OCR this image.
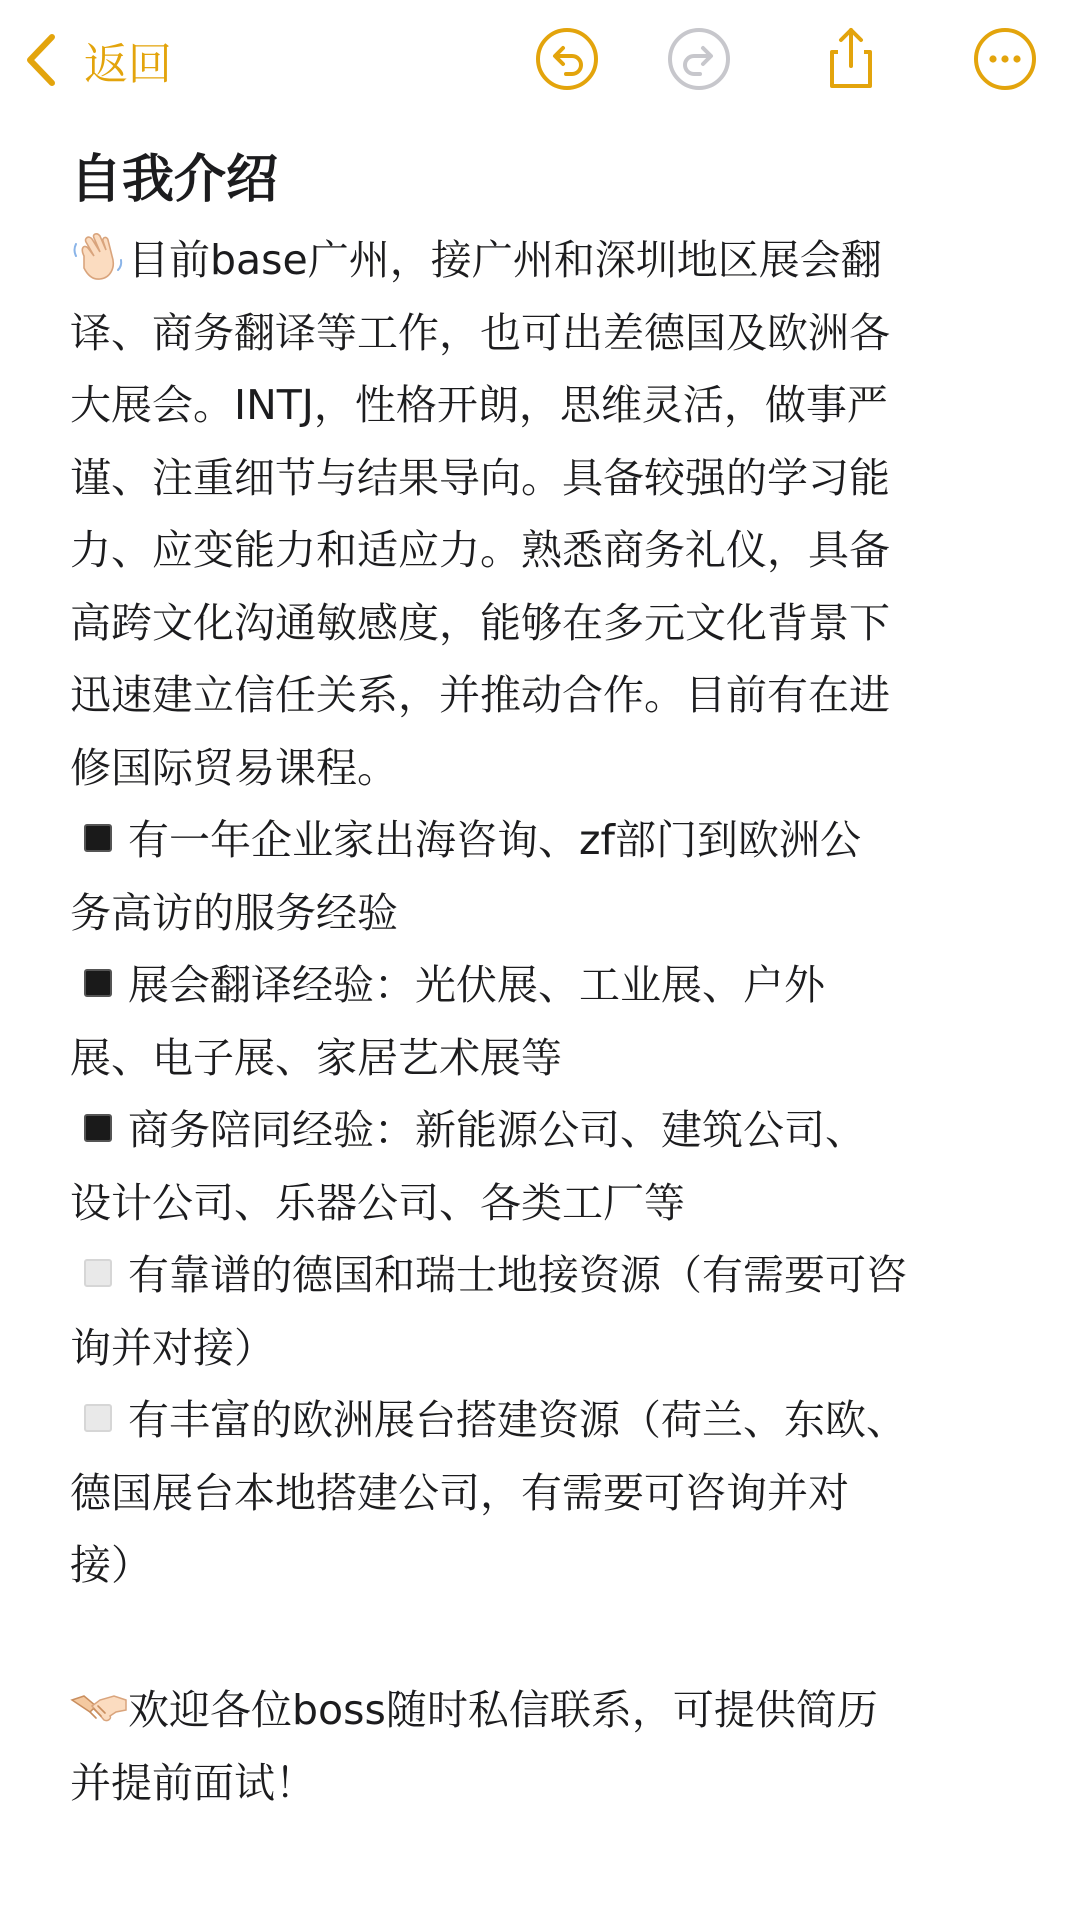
返回
自我介绍
目前base广州，接广州和深圳地区展会翻
译、商务翻译等工作，也可出差德国及欧洲各
大展会。INTJ，性格开朗，思维灵活，做事严
谨、注重细节与结果导向。具备较强的学习能
力、应变能力和适应力。熟悉商务礼仪，具备
高跨文化沟通敏感度，能够在多元文化背景下
迅速建立信任关系，并推动合作。目前有在进
修国际贸易课程。
有一年企业家出海咨询、zf部门到欧洲公
务高访的服务经验
展会翻译经验：光伏展、工业展、户外
展、电子展、家居艺术展等
商务陪同经验：新能源公司、建筑公司、
设计公司、乐器公司、各类工厂等
有靠谱的德国和瑞士地接资源（有需要可咨
询并对接）
有丰富的欧洲展台搭建资源（荷兰、东欧、
德国展台本地搭建公司，有需要可咨询并对
接）
欢迎各位boss随时私信联系，可提供简历
并提前面试！
